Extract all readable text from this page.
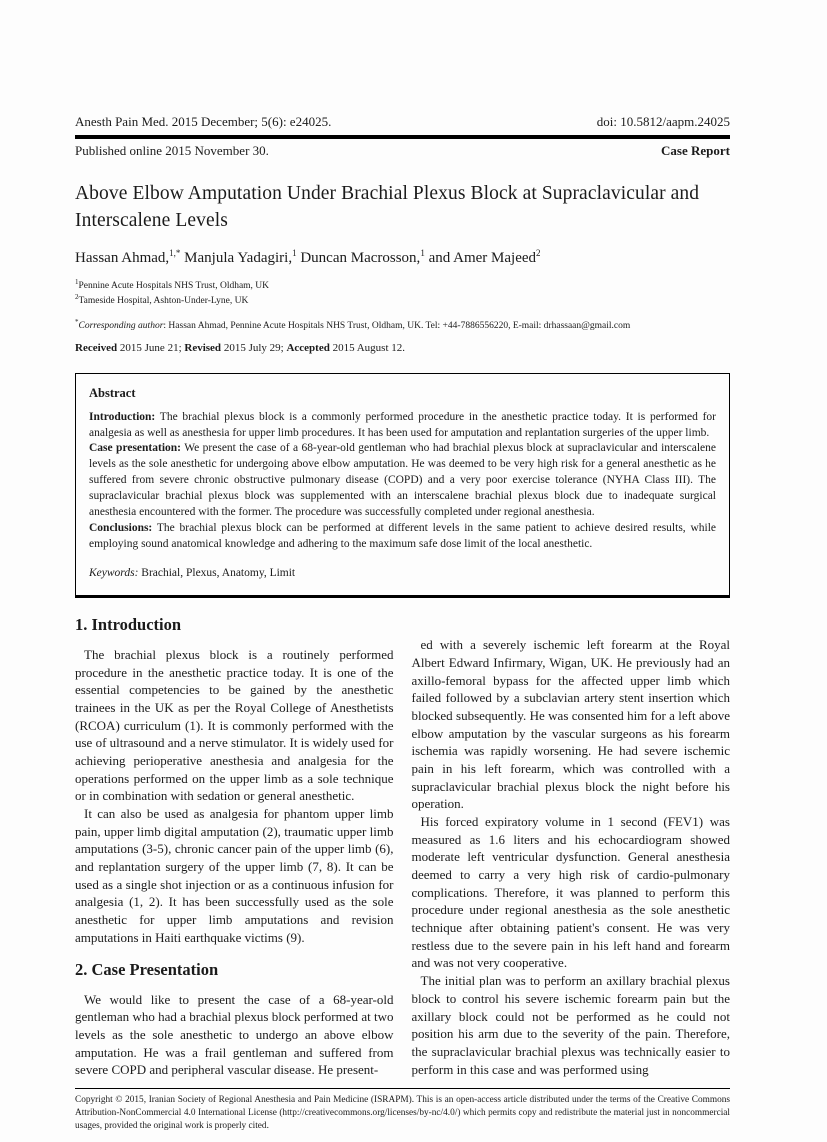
Anesth Pain Med. 2015 December; 5(6): e24025.	doi: 10.5812/aapm.24025
Published online 2015 November 30.	Case Report
Above Elbow Amputation Under Brachial Plexus Block at Supraclavicular and Interscalene Levels
Hassan Ahmad,$^{1,*}$ Manjula Yadagiri,$^1$ Duncan Macrosson,$^1$ and Amer Majeed$^2$
$^1$Pennine Acute Hospitals NHS Trust, Oldham, UK
$^2$Tameside Hospital, Ashton-Under-Lyne, UK
*Corresponding author: Hassan Ahmad, Pennine Acute Hospitals NHS Trust, Oldham, UK. Tel: +44-7886556220, E-mail: drhassaan@gmail.com
Received 2015 June 21; Revised 2015 July 29; Accepted 2015 August 12.
Abstract

Introduction: The brachial plexus block is a commonly performed procedure in the anesthetic practice today. It is performed for analgesia as well as anesthesia for upper limb procedures. It has been used for amputation and replantation surgeries of the upper limb.

Case presentation: We present the case of a 68-year-old gentleman who had brachial plexus block at supraclavicular and interscalene levels as the sole anesthetic for undergoing above elbow amputation. He was deemed to be very high risk for a general anesthetic as he suffered from severe chronic obstructive pulmonary disease (COPD) and a very poor exercise tolerance (NYHA Class III). The supraclavicular brachial plexus block was supplemented with an interscalene brachial plexus block due to inadequate surgical anesthesia encountered with the former. The procedure was successfully completed under regional anesthesia.

Conclusions: The brachial plexus block can be performed at different levels in the same patient to achieve desired results, while employing sound anatomical knowledge and adhering to the maximum safe dose limit of the local anesthetic.

Keywords: Brachial, Plexus, Anatomy, Limit
1. Introduction

The brachial plexus block is a routinely performed procedure in the anesthetic practice today. It is one of the essential competencies to be gained by the anesthetic trainees in the UK as per the Royal College of Anesthetists (RCOA) curriculum (1). It is commonly performed with the use of ultrasound and a nerve stimulator. It is widely used for achieving perioperative anesthesia and analgesia for the operations performed on the upper limb as a sole technique or in combination with sedation or general anesthetic.

It can also be used as analgesia for phantom upper limb pain, upper limb digital amputation (2), traumatic upper limb amputations (3-5), chronic cancer pain of the upper limb (6), and replantation surgery of the upper limb (7, 8). It can be used as a single shot injection or as a continuous infusion for analgesia (1, 2). It has been successfully used as the sole anesthetic for upper limb amputations and revision amputations in Haiti earthquake victims (9).

2. Case Presentation

We would like to present the case of a 68-year-old gentleman who had a brachial plexus block performed at two levels as the sole anesthetic to undergo an above elbow amputation. He was a frail gentleman and suffered from severe COPD and peripheral vascular disease. He present-

ed with a severely ischemic left forearm at the Royal Albert Edward Infirmary, Wigan, UK. He previously had an axillo-femoral bypass for the affected upper limb which failed followed by a subclavian artery stent insertion which blocked subsequently. He was consented him for a left above elbow amputation by the vascular surgeons as his forearm ischemia was rapidly worsening. He had severe ischemic pain in his left forearm, which was controlled with a supraclavicular brachial plexus block the night before his operation.

His forced expiratory volume in 1 second (FEV1) was measured as 1.6 liters and his echocardiogram showed moderate left ventricular dysfunction. General anesthesia deemed to carry a very high risk of cardio-pulmonary complications. Therefore, it was planned to perform this procedure under regional anesthesia as the sole anesthetic technique after obtaining patient's consent. He was very restless due to the severe pain in his left hand and forearm and was not very cooperative.

The initial plan was to perform an axillary brachial plexus block to control his severe ischemic forearm pain but the axillary block could not be performed as he could not position his arm due to the severity of the pain. Therefore, the supraclavicular brachial plexus was technically easier to perform in this case and was performed using

Copyright © 2015, Iranian Society of Regional Anesthesia and Pain Medicine (ISRAPM). This is an open-access article distributed under the terms of the Creative Commons Attribution-NonCommercial 4.0 International License (http://creativecommons.org/licenses/by-nc/4.0/) which permits copy and redistribute the material just in noncommercial usages, provided the original work is properly cited.
